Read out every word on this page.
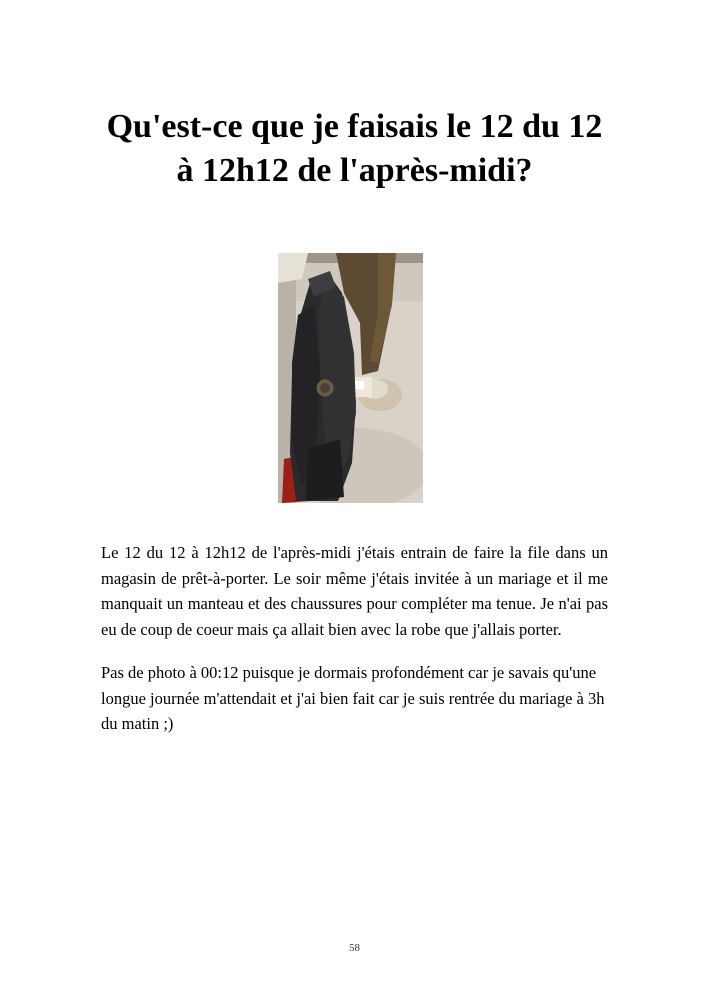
Qu'est-ce que je faisais le 12 du 12 à 12h12 de l'après-midi?

Le 12 du 12 à 12h12 de l'après-midi j'étais entrain de faire la file dans un magasin de prêt-à-porter. Le soir même j'étais invitée à un mariage et il me manquait un manteau et des chaussures pour compléter ma tenue. Je n'ai pas eu de coup de coeur mais ça allait bien avec la robe que j'allais porter.

Pas de photo à 00:12 puisque je dormais profondément car je savais qu'une longue journée m'attendait et j'ai bien fait car je suis rentrée du mariage à 3h du matin ;)

58
